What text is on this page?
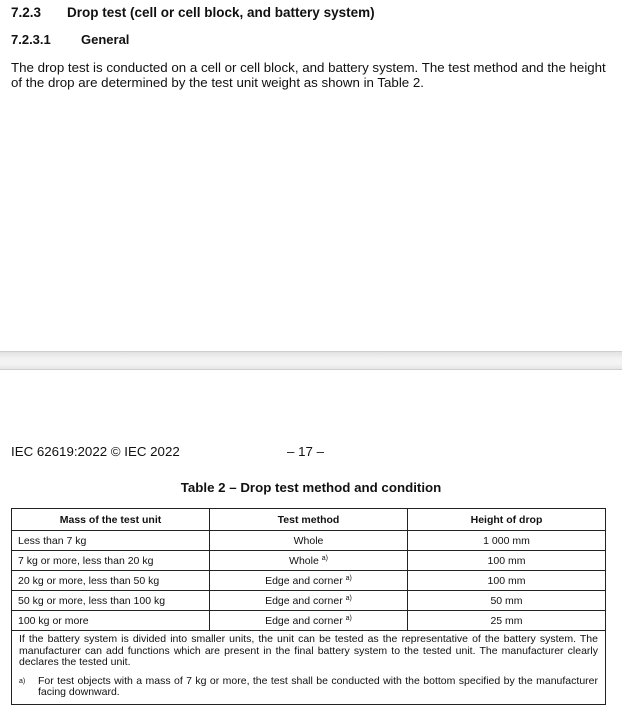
7.2.3 Drop test (cell or cell block, and battery system)
7.2.3.1 General

The drop test is conducted on a cell or cell block, and battery system. The test method and the height of the drop are determined by the test unit weight as shown in Table 2.

IEC 62619:2022 © IEC 2022	– 17 –
Table 2 – Drop test method and condition
Mass of the test unit	Test method	Height of drop
Less than 7 kg	Whole	1 000 mm
7 kg or more, less than 20 kg	Whole $^{a)}$	100 mm
20 kg or more, less than 50 kg	Edge and corner $^{a)}$	100 mm
50 kg or more, less than 100 kg	Edge and corner $^{a)}$	50 mm
100 kg or more	Edge and corner $^{a)}$	25 mm

If the battery system is divided into smaller units, the unit can be tested as the representative of the battery system. The manufacturer can add functions which are present in the final battery system to the tested unit. The manufacturer clearly declares the tested unit.

a) For test objects with a mass of 7 kg or more, the test shall be conducted with the bottom specified by the manufacturer facing downward.		
